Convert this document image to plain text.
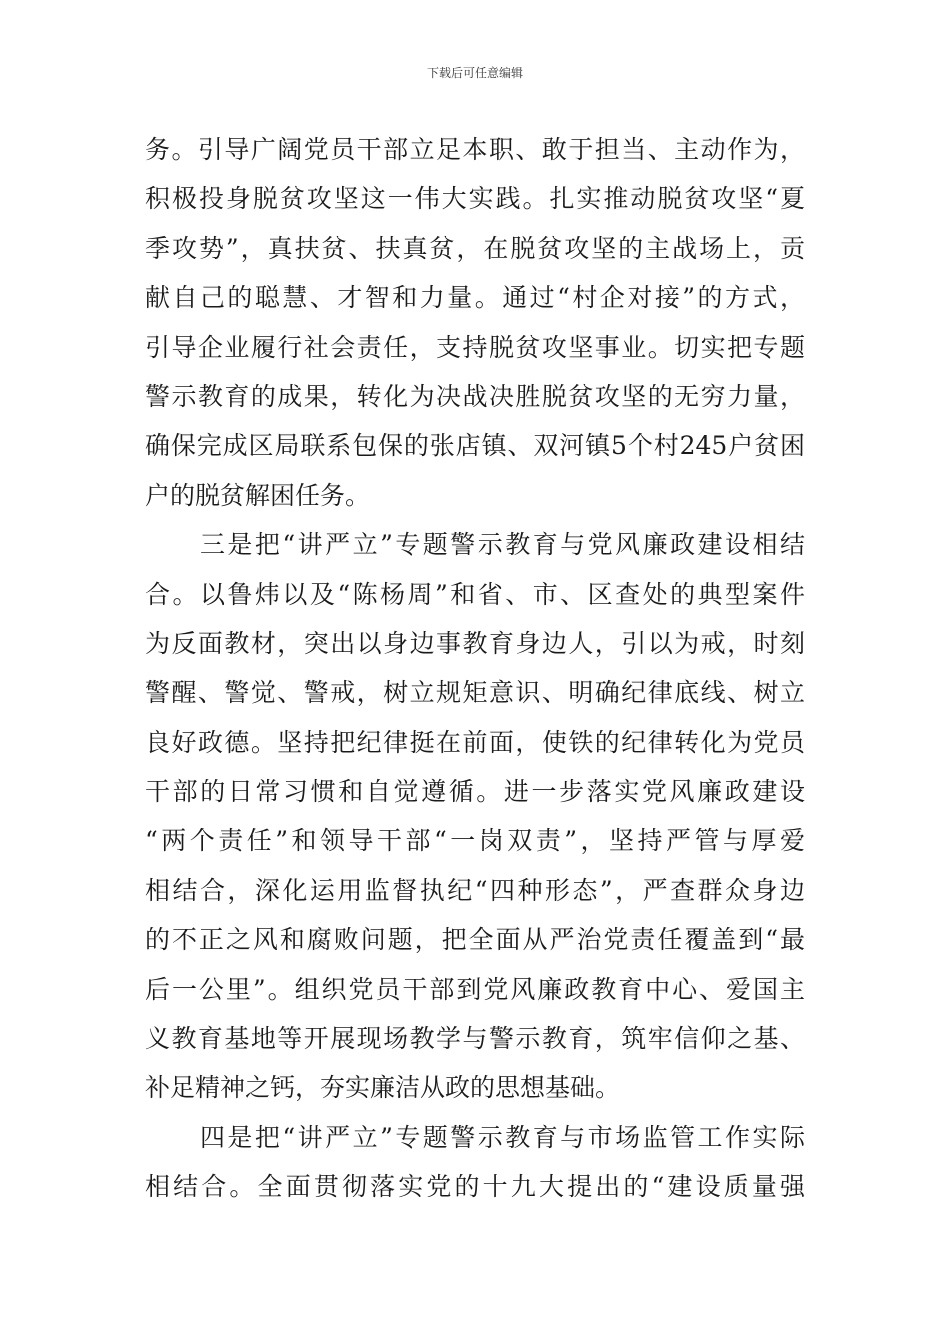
下载后可任意编辑
务。引导广阔党员干部立足本职、敢于担当、主动作为，
积极投身脱贫攻坚这一伟大实践。扎实推动脱贫攻坚“夏
季攻势”，真扶贫、扶真贫，在脱贫攻坚的主战场上，贡
献自己的聪慧、才智和力量。通过“村企对接”的方式，
引导企业履行社会责任，支持脱贫攻坚事业。切实把专题
警示教育的成果，转化为决战决胜脱贫攻坚的无穷力量，
确保完成区局联系包保的张店镇、双河镇5个村245户贫困
户的脱贫解困任务。
　　三是把“讲严立”专题警示教育与党风廉政建设相结
合。以鲁炜以及“陈杨周”和省、市、区查处的典型案件
为反面教材，突出以身边事教育身边人，引以为戒，时刻
警醒、警觉、警戒，树立规矩意识、明确纪律底线、树立
良好政德。坚持把纪律挺在前面，使铁的纪律转化为党员
干部的日常习惯和自觉遵循。进一步落实党风廉政建设
“两个责任”和领导干部“一岗双责”，坚持严管与厚爱
相结合，深化运用监督执纪“四种形态”，严查群众身边
的不正之风和腐败问题，把全面从严治党责任覆盖到“最
后一公里”。组织党员干部到党风廉政教育中心、爱国主
义教育基地等开展现场教学与警示教育，筑牢信仰之基、
补足精神之钙，夯实廉洁从政的思想基础。
　　四是把“讲严立”专题警示教育与市场监管工作实际
相结合。全面贯彻落实党的十九大提出的“建设质量强
